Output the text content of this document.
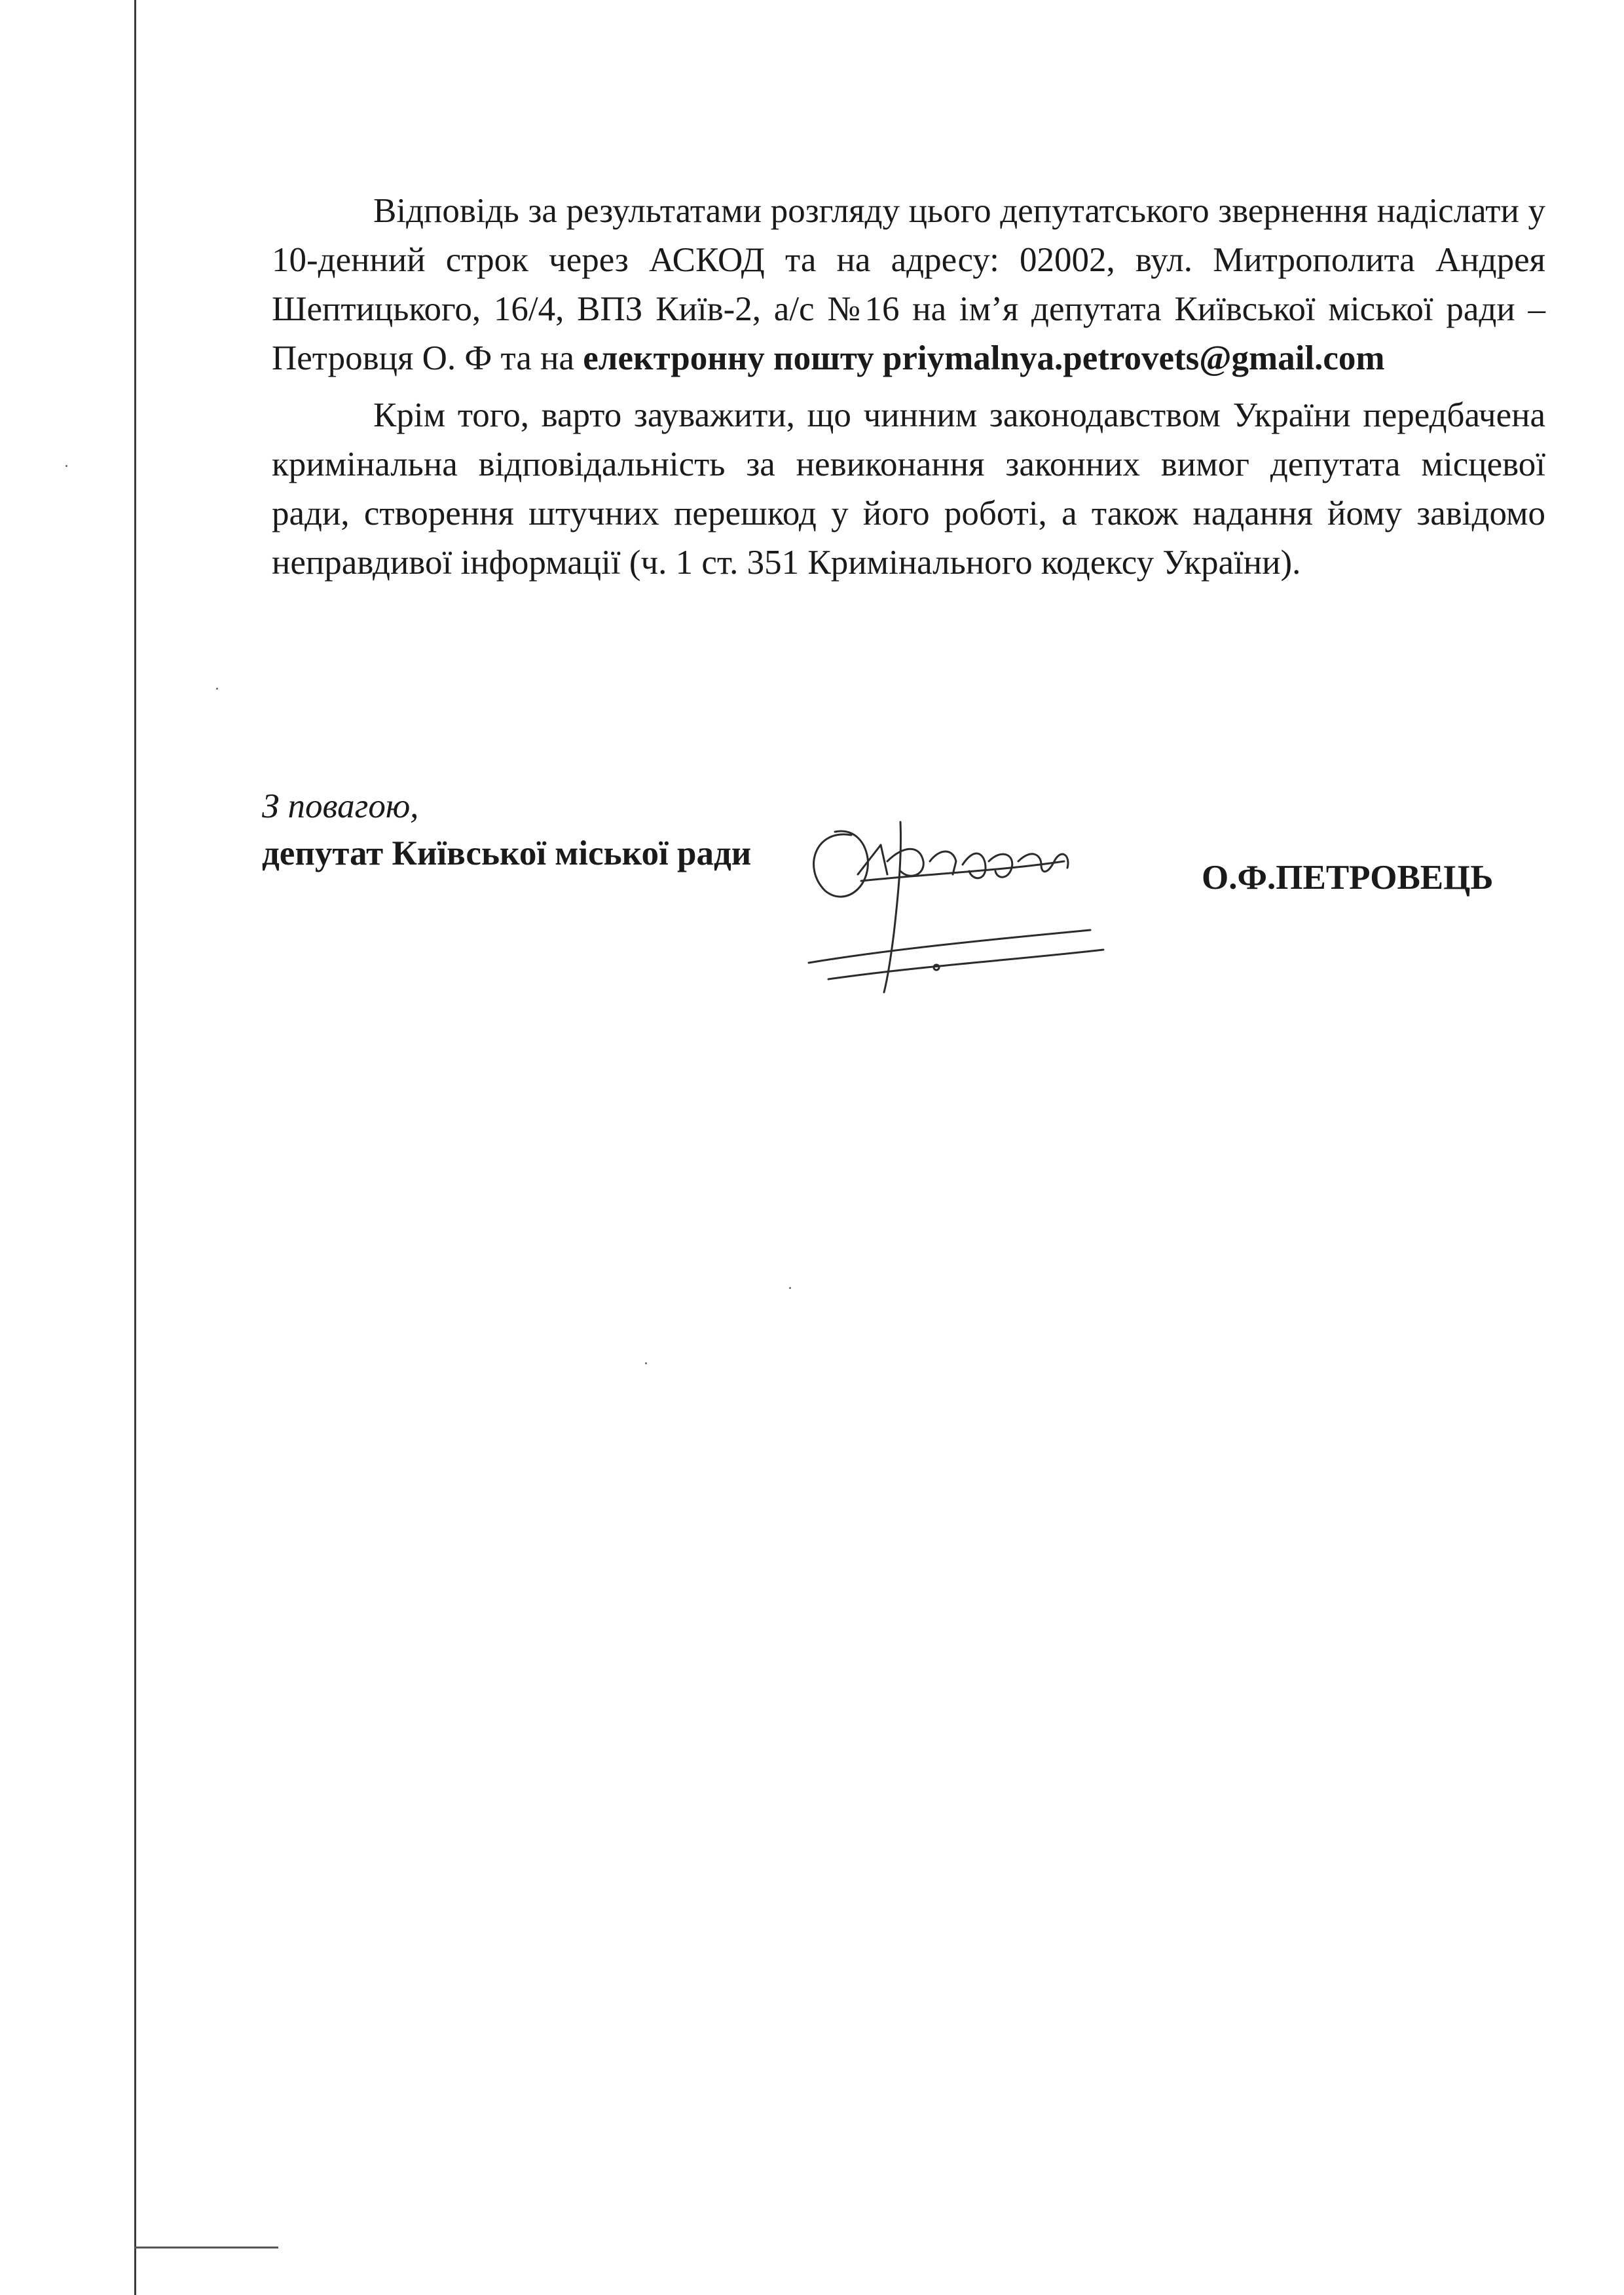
Відповідь за результатами розгляду цього депутатського звернення надіслати у 10-денний строк через АСКОД та на адресу: 02002, вул. Митрополита Андрея Шептицького, 16/4, ВПЗ Київ-2, а/с №16 на ім’я депутата Київської міської ради – Петровця О. Ф та на електронну пошту priymalnya.petrovets@gmail.com

Крім того, варто зауважити, що чинним законодавством України передбачена кримінальна відповідальність за невиконання законних вимог депутата місцевої ради, створення штучних перешкод у його роботі, а також надання йому завідомо неправдивої інформації (ч. 1 ст. 351 Кримінального кодексу України).

З повагою,
депутат Київської міської ради
О.Ф.ПЕТРОВЕЦЬ
